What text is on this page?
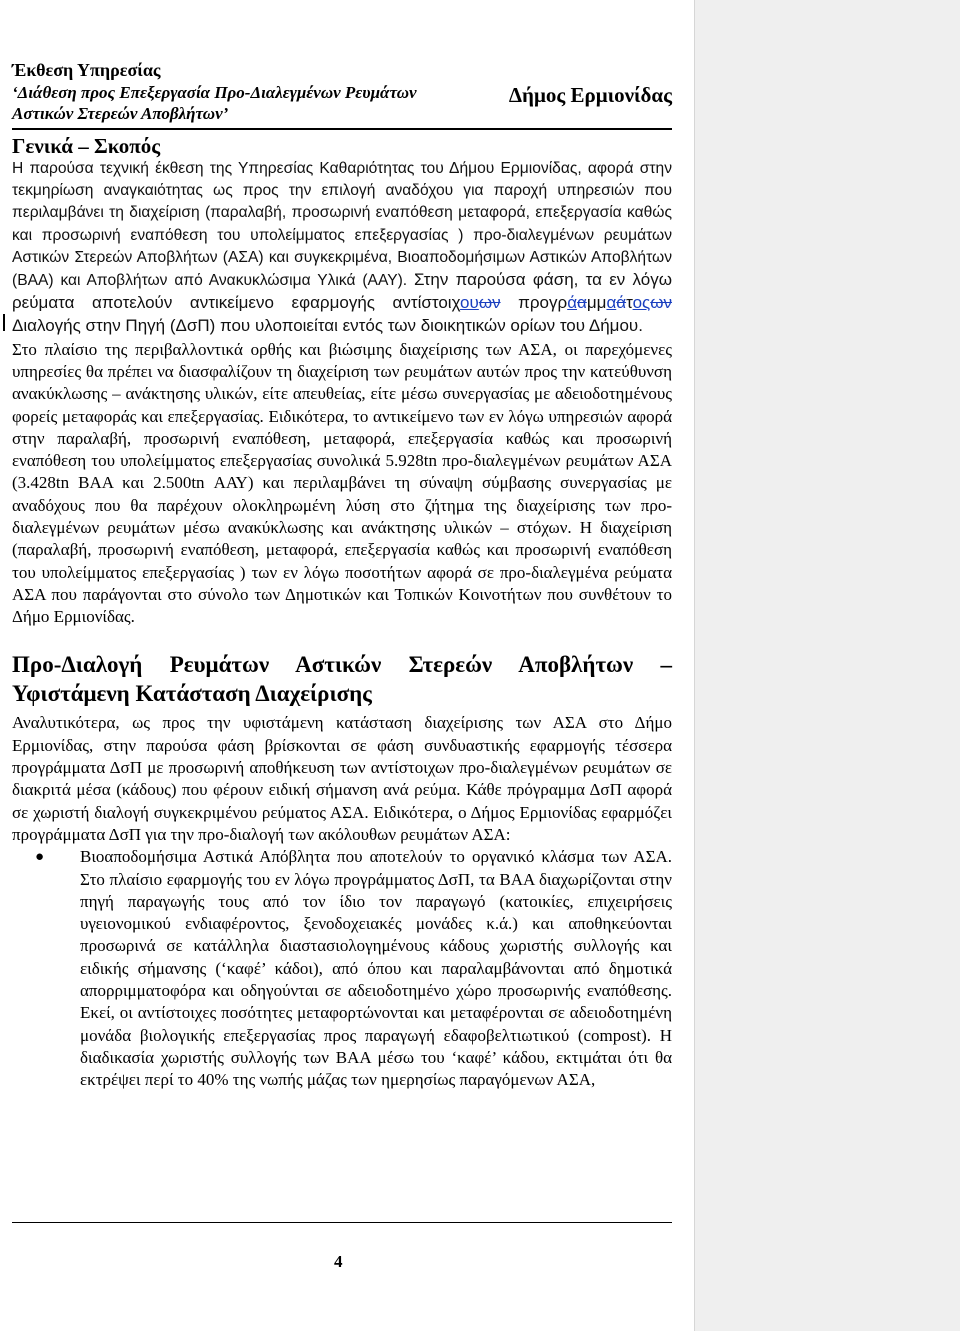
Έκθεση Υπηρεσίας
‘Διάθεση προς Επεξεργασία Προ-Διαλεγμένων Ρευμάτων Αστικών Στερεών Αποβλήτων’
Δήμος Ερμιονίδας
Γενικά – Σκοπός

Η παρούσα τεχνική έκθεση της Υπηρεσίας Καθαριότητας του Δήμου Ερμιονίδας, αφορά στην τεκμηρίωση αναγκαιότητας ως προς την επιλογή αναδόχου για παροχή υπηρεσιών που περιλαμβάνει τη διαχείριση (παραλαβή, προσωρινή εναπόθεση μεταφορά, επεξεργασία καθώς και προσωρινή εναπόθεση του υπολείμματος επεξεργασίας ) προ-διαλεγμένων ρευμάτων Αστικών Στερεών Αποβλήτων (ΑΣΑ) και συγκεκριμένα, Βιοαποδομήσιμων Αστικών Αποβλήτων (ΒΑΑ) και Αποβλήτων από Ανακυκλώσιμα Υλικά (ΑΑΥ). Στην παρούσα φάση, τα εν λόγω ρεύματα αποτελούν αντικείμενο εφαρμογής αντίστοιχουων προγράαμμαάτοςων Διαλογής στην Πηγή (ΔσΠ) που υλοποιείται εντός των διοικητικών ορίων του Δήμου.

Στο πλαίσιο της περιβαλλοντικά ορθής και βιώσιμης διαχείρισης των ΑΣΑ, οι παρεχόμενες υπηρεσίες θα πρέπει να διασφαλίζουν τη διαχείριση των ρευμάτων αυτών προς την κατεύθυνση ανακύκλωσης – ανάκτησης υλικών, είτε απευθείας, είτε μέσω συνεργασίας με αδειοδοτημένους φορείς μεταφοράς και επεξεργασίας. Ειδικότερα, το αντικείμενο των εν λόγω υπηρεσιών αφορά στην παραλαβή, προσωρινή εναπόθεση, μεταφορά, επεξεργασία καθώς και προσωρινή εναπόθεση του υπολείμματος επεξεργασίας συνολικά 5.928tn προ-διαλεγμένων ρευμάτων ΑΣΑ (3.428tn ΒΑΑ και 2.500tn ΑΑΥ) και περιλαμβάνει τη σύναψη σύμβασης συνεργασίας με αναδόχους που θα παρέχουν ολοκληρωμένη λύση στο ζήτημα της διαχείρισης των προ-διαλεγμένων ρευμάτων μέσω ανακύκλωσης και ανάκτησης υλικών – στόχων. Η διαχείριση (παραλαβή, προσωρινή εναπόθεση, μεταφορά, επεξεργασία καθώς και προσωρινή εναπόθεση του υπολείμματος επεξεργασίας ) των εν λόγω ποσοτήτων αφορά σε προ-διαλεγμένα ρεύματα ΑΣΑ που παράγονται στο σύνολο των Δημοτικών και Τοπικών Κοινοτήτων που συνθέτουν το Δήμο Ερμιονίδας.

Προ-Διαλογή Ρευμάτων Αστικών Στερεών Αποβλήτων – Υφιστάμενη Κατάσταση Διαχείρισης

Αναλυτικότερα, ως προς την υφιστάμενη κατάσταση διαχείρισης των ΑΣΑ στο Δήμο Ερμιονίδας, στην παρούσα φάση βρίσκονται σε φάση συνδυαστικής εφαρμογής τέσσερα προγράμματα ΔσΠ με προσωρινή αποθήκευση των αντίστοιχων προ-διαλεγμένων ρευμάτων σε διακριτά μέσα (κάδους) που φέρουν ειδική σήμανση ανά ρεύμα. Κάθε πρόγραμμα ΔσΠ αφορά σε χωριστή διαλογή συγκεκριμένου ρεύματος ΑΣΑ. Ειδικότερα, ο Δήμος Ερμιονίδας εφαρμόζει προγράμματα ΔσΠ για την προ-διαλογή των ακόλουθων ρευμάτων ΑΣΑ:

● Βιοαποδομήσιμα Αστικά Απόβλητα που αποτελούν το οργανικό κλάσμα των ΑΣΑ. Στο πλαίσιο εφαρμογής του εν λόγω προγράμματος ΔσΠ, τα ΒΑΑ διαχωρίζονται στην πηγή παραγωγής τους από τον ίδιο τον παραγωγό (κατοικίες, επιχειρήσεις υγειονομικού ενδιαφέροντος, ξενοδοχειακές μονάδες κ.ά.) και αποθηκεύονται προσωρινά σε κατάλληλα διαστασιολογημένους κάδους χωριστής συλλογής και ειδικής σήμανσης (‘καφέ’ κάδοι), από όπου και παραλαμβάνονται από δημοτικά απορριμματοφόρα και οδηγούνται σε αδειοδοτημένο χώρο προσωρινής εναπόθεσης. Εκεί, οι αντίστοιχες ποσότητες μεταφορτώνονται και μεταφέρονται σε αδειοδοτημένη μονάδα βιολογικής επεξεργασίας προς παραγωγή εδαφοβελτιωτικού (compost). Η διαδικασία χωριστής συλλογής των ΒΑΑ μέσω του ‘καφέ’ κάδου, εκτιμάται ότι θα εκτρέψει περί το 40% της νωπής μάζας των ημερησίως παραγόμενων ΑΣΑ,
4
